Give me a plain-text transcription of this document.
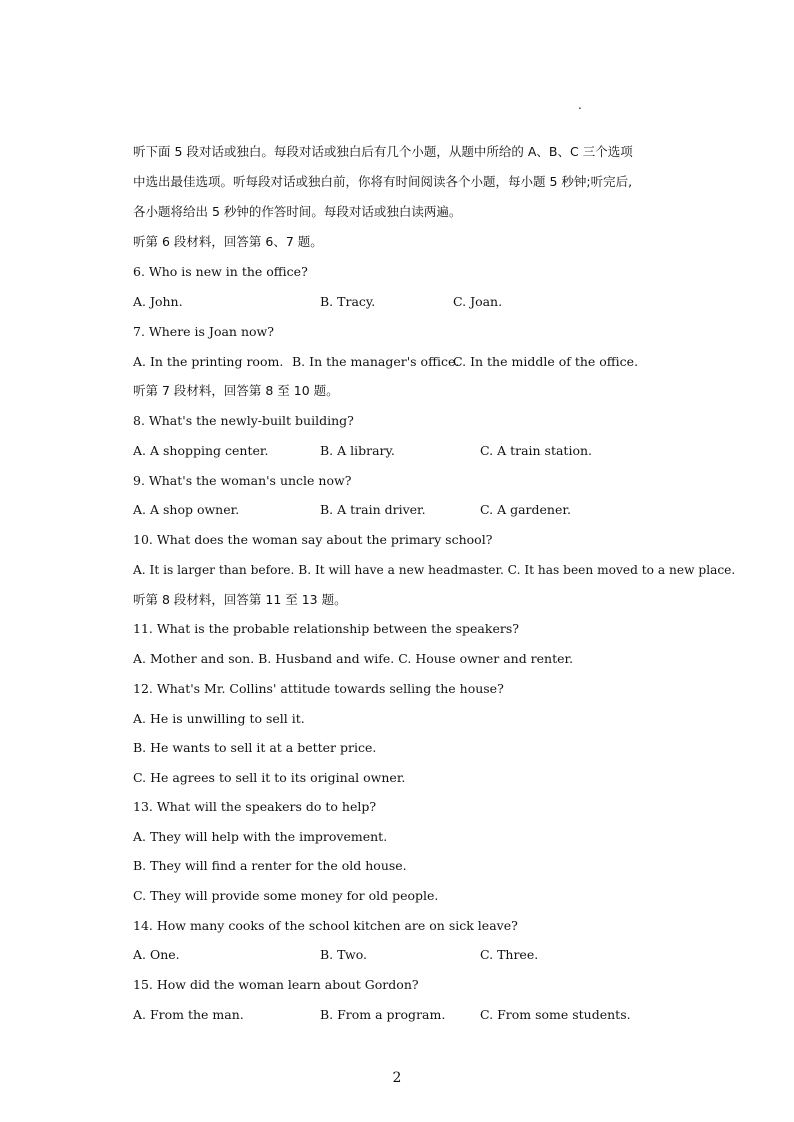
.
听下面 5 段对话或独白。每段对话或独白后有几个小题，从题中所给的 A、B、C 三个选项
中选出最佳选项。听每段对话或独白前，你将有时间阅读各个小题，每小题 5 秒钟;听完后,
各小题将给出 5 秒钟的作答时间。每段对话或独白读两遍。
听第 6 段材料，回答第 6、7 题。
6. Who is new in the office?
A. John.	B. Tracy.	C. Joan.
7. Where is Joan now?
A. In the printing room. B. In the manager's office.
C. In the middle of the office.
听第 7 段材料，回答第 8 至 10 题。
8. What's the newly-built building?
A. A shopping center.	B. A library.	C. A train station.
9. What's the woman's uncle now?
A. A shop owner.	B. A train driver.	C. A gardener.
10. What does the woman say about the primary school?
A. It is larger than before. B. It will have a new headmaster. C. It has been moved to a new place.
听第 8 段材料，回答第 11 至 13 题。
11. What is the probable relationship between the speakers?
A. Mother and son. B. Husband and wife. C. House owner and renter.
12. What's Mr. Collins' attitude towards selling the house?
A. He is unwilling to sell it.
B. He wants to sell it at a better price.
C. He agrees to sell it to its original owner.
13. What will the speakers do to help?
A. They will help with the improvement.
B. They will find a renter for the old house.
C. They will provide some money for old people.
14. How many cooks of the school kitchen are on sick leave?
A. One.	B. Two.	C. Three.
15. How did the woman learn about Gordon?
A. From the man.	B. From a program.	C. From some students.
2
